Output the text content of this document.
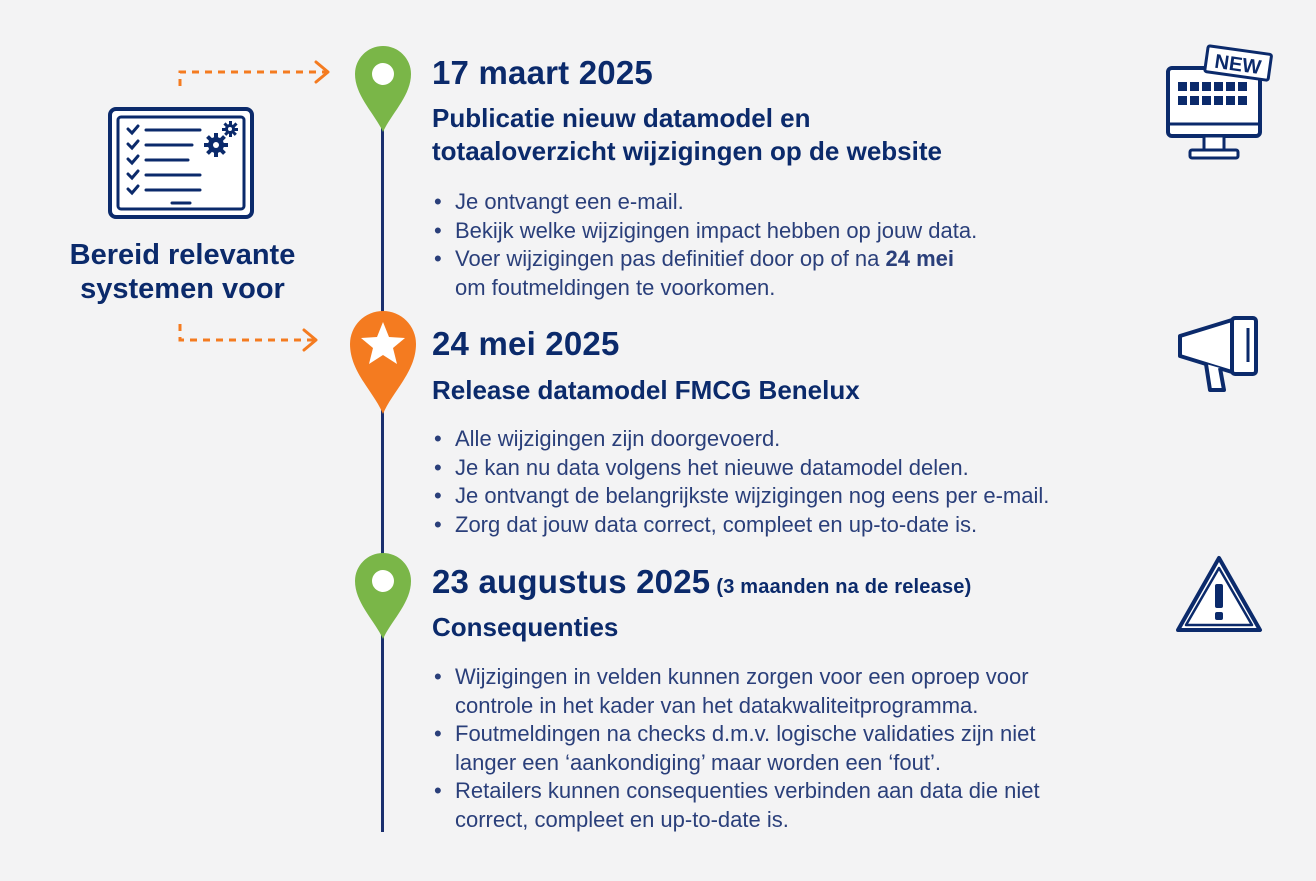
Bereid relevante
systemen voor
17 maart 2025
Publicatie nieuw datamodel en
totaaloverzicht wijzigingen op de website
• Je ontvangt een e-mail.
• Bekijk welke wijzigingen impact hebben op jouw data.
• Voer wijzigingen pas definitief door op of na 24 mei
om foutmeldingen te voorkomen.
NEW
24 mei 2025
Release datamodel FMCG Benelux
• Alle wijzigingen zijn doorgevoerd.
• Je kan nu data volgens het nieuwe datamodel delen.
• Je ontvangt de belangrijkste wijzigingen nog eens per e-mail.
• Zorg dat jouw data correct, compleet en up-to-date is.
23 augustus 2025 (3 maanden na de release)
Consequenties
• Wijzigingen in velden kunnen zorgen voor een oproep voor
controle in het kader van het datakwaliteitprogramma.
• Foutmeldingen na checks d.m.v. logische validaties zijn niet
langer een ‘aankondiging’ maar worden een ‘fout’.
• Retailers kunnen consequenties verbinden aan data die niet
correct, compleet en up-to-date is.
